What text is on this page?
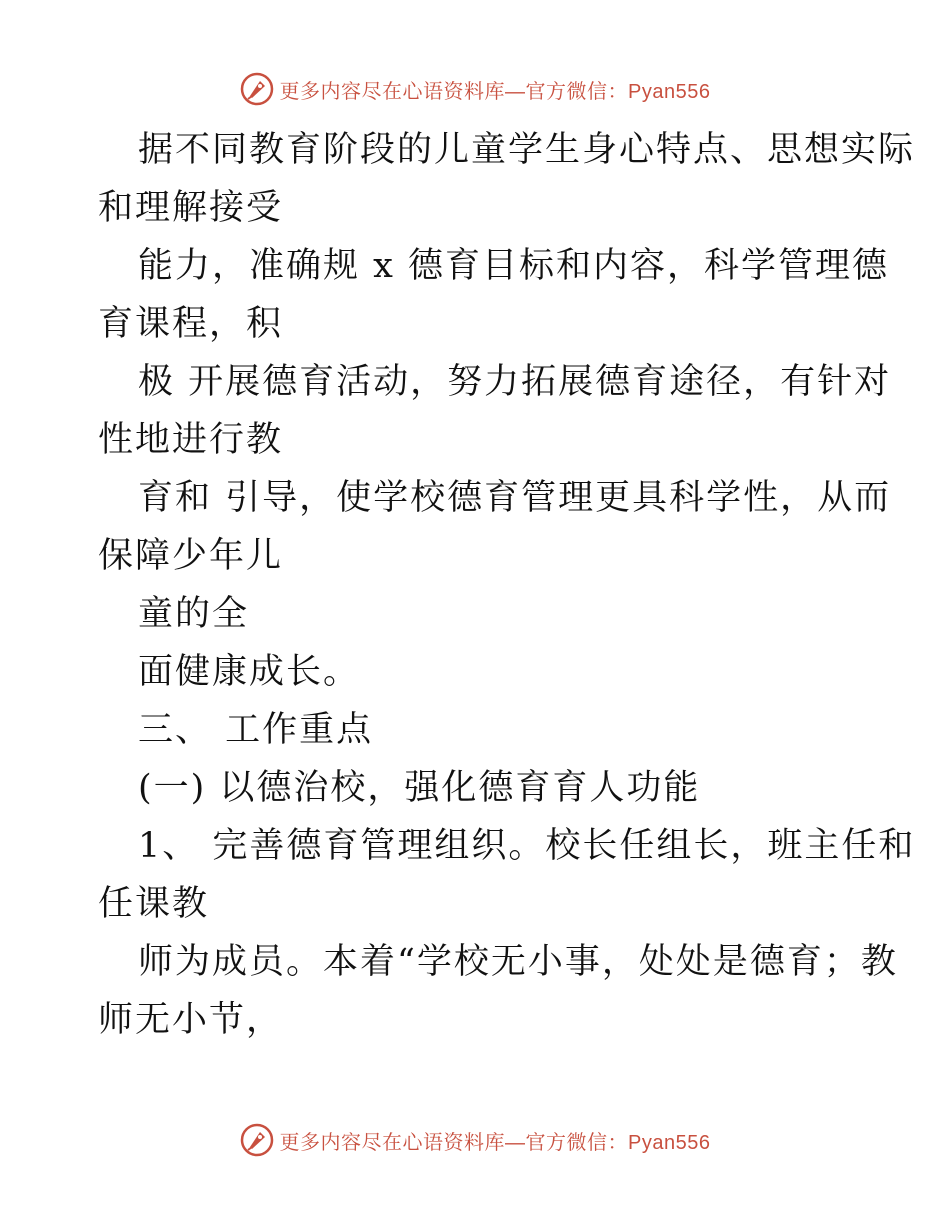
更多内容尽在心语资料库—官方微信：Pyan556
据不同教育阶段的儿童学生身心特点、思想实际
和理解接受
能力，准确规 x 德育目标和内容，科学管理德
育课程，积
极 开展德育活动，努力拓展德育途径，有针对
性地进行教
育和 引导，使学校德育管理更具科学性，从而
保障少年儿
童的全
面健康成长。
三、 工作重点
(一) 以德治校，强化德育育人功能
1、 完善德育管理组织。校长任组长，班主任和
任课教
师为成员。本着“学校无小事，处处是德育；教
师无小节，
更多内容尽在心语资料库—官方微信：Pyan556
